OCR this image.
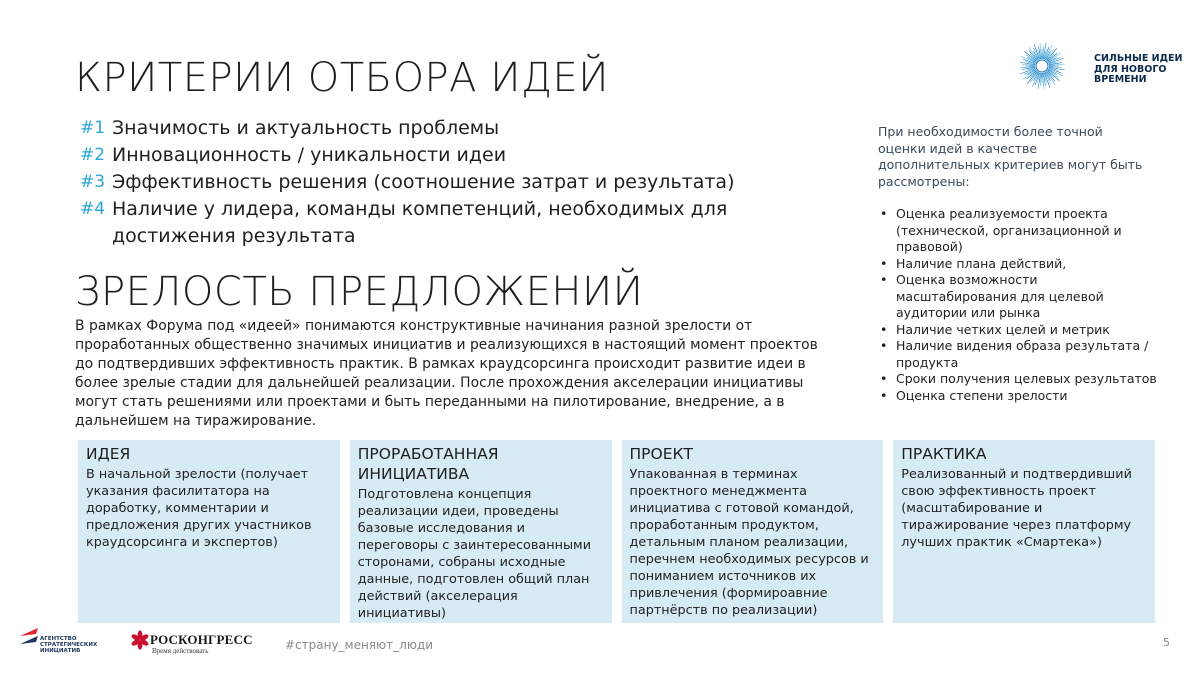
СИЛЬНЫЕ ИДЕИ
ДЛЯ НОВОГО
ВРЕМЕНИ
КРИТЕРИИ ОТБОРА ИДЕЙ
#1 Значимость и актуальность проблемы
#2 Инновационность / уникальности идеи
#3 Эффективность решения (соотношение затрат и результата)
#4 Наличие у лидера, команды компетенций, необходимых для достижения результата
ЗРЕЛОСТЬ ПРЕДЛОЖЕНИЙ
В рамках Форума под «идеей» понимаются конструктивные начинания разной зрелости от проработанных общественно значимых инициатив и реализующихся в настоящий момент проектов до подтвердивших эффективность практик. В рамках краудсорсинга происходит развитие идеи в более зрелые стадии для дальнейшей реализации. После прохождения акселерации инициативы могут стать решениями или проектами и быть переданными на пилотирование, внедрение, а в дальнейшем на тиражирование.
При необходимости более точной оценки идей в качестве дополнительных критериев могут быть рассмотрены:
• Оценка реализуемости проекта (технической, организационной и правовой)
• Наличие плана действий,
• Оценка возможности масштабирования для целевой аудитории или рынка
• Наличие четких целей и метрик
• Наличие видения образа результата / продукта
• Сроки получения целевых результатов
• Оценка степени зрелости
ИДЕЯ
В начальной зрелости (получает указания фасилитатора на доработку, комментарии и предложения других участников краудсорсинга и экспертов)
ПРОРАБОТАННАЯ ИНИЦИАТИВА
Подготовлена концепция реализации идеи, проведены базовые исследования и переговоры с заинтересованными сторонами, собраны исходные данные, подготовлен общий план действий (акселерация инициативы)
ПРОЕКТ
Упакованная в терминах проектного менеджмента инициатива с готовой командой, проработанным продуктом, детальным планом реализации, перечнем необходимых ресурсов и пониманием источников их привлечения (формироавние партнёрств по реализации)
ПРАКТИКА
Реализованный и подтвердивший свою эффективность проект (масштабирование и тиражирование через платформу лучших практик «Смартека»)
АГЕНТСТВО
СТРАТЕГИЧЕСКИХ
ИНИЦИАТИВ
РОСКОНГРЕСС
Время действовать	#страну_меняют_люди	5
